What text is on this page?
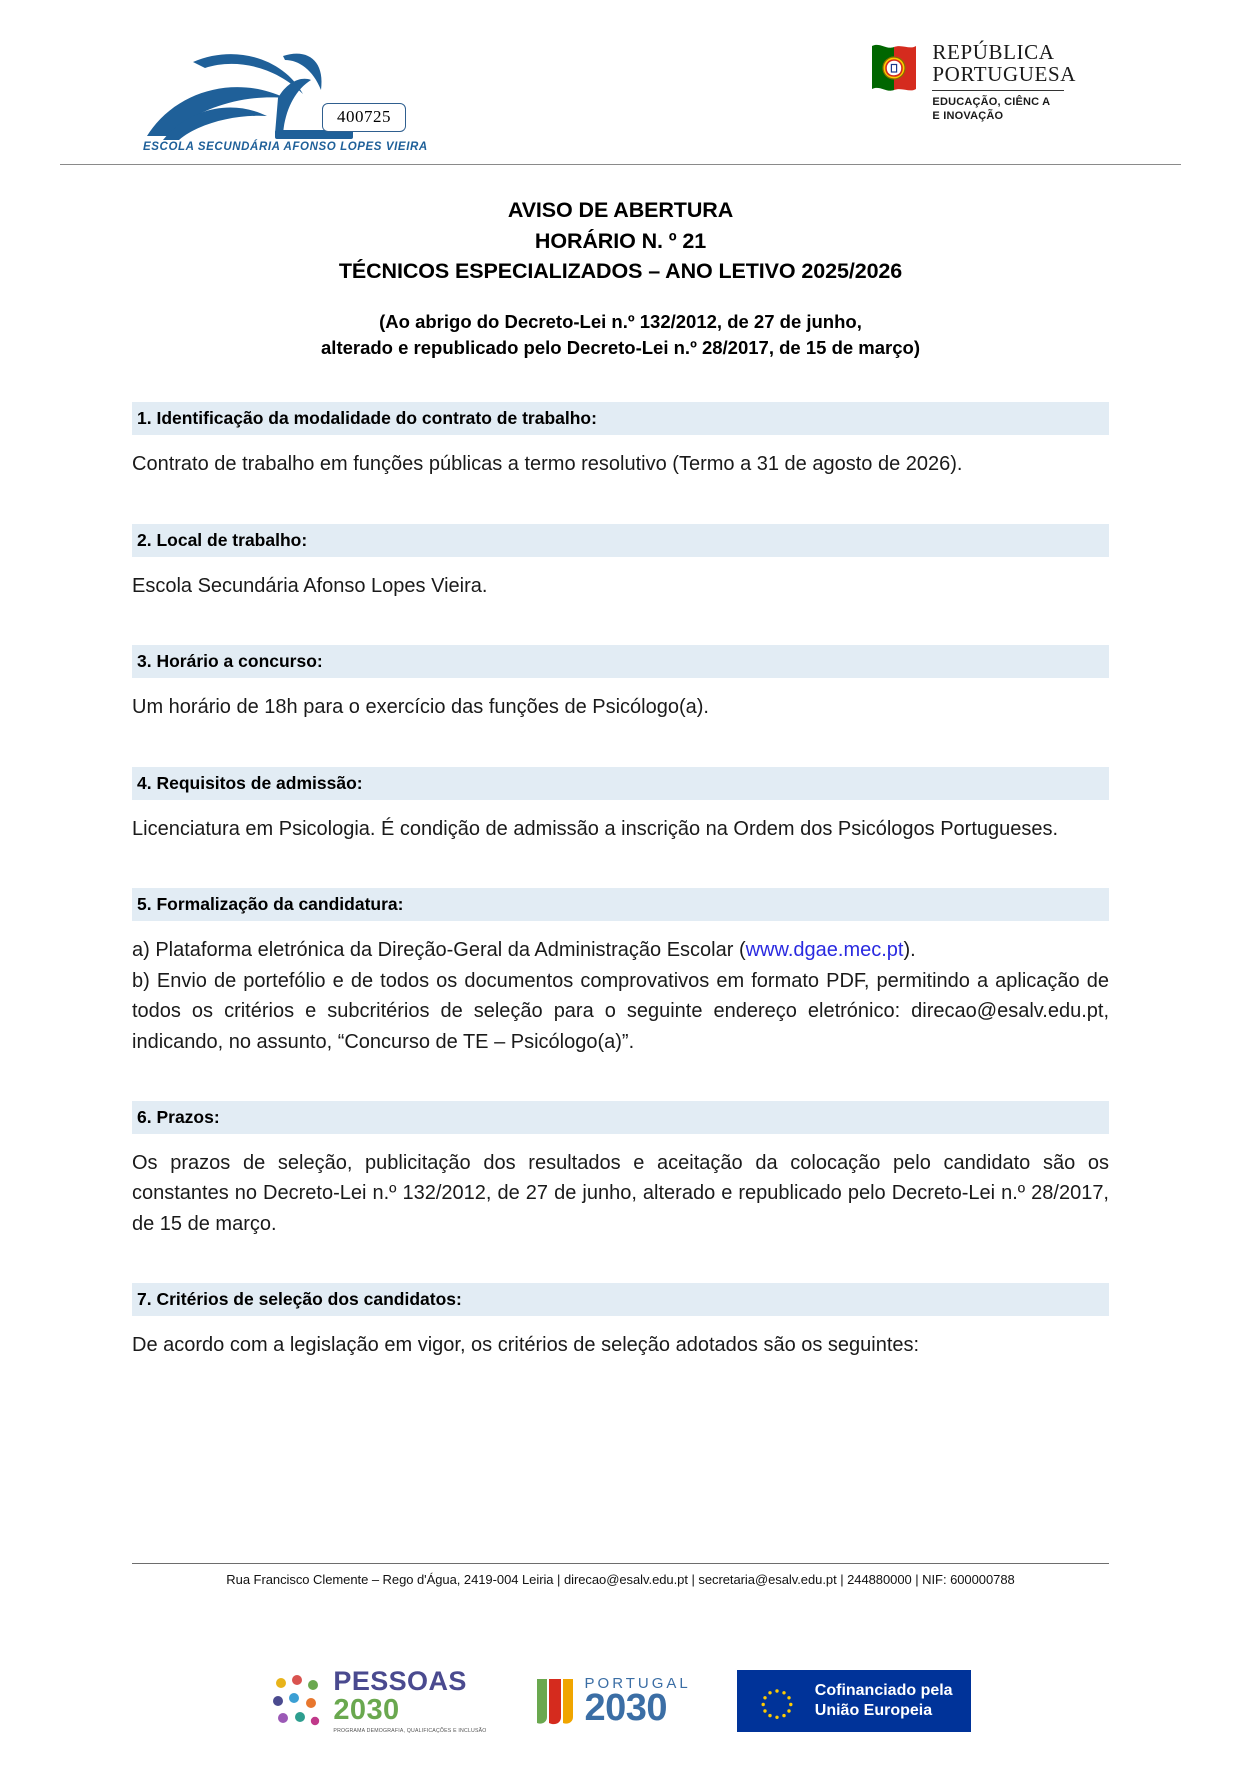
ESCOLA SECUNDÁRIA AFONSO LOPES VIEIRA
400725
REPÚBLICA
PORTUGUESA
EDUCAÇÃO, CIÊNC A
E INOVAÇÃO
AVISO DE ABERTURA
HORÁRIO N. º 21
TÉCNICOS ESPECIALIZADOS – ANO LETIVO 2025/2026
(Ao abrigo do Decreto-Lei n.º 132/2012, de 27 de junho,
alterado e republicado pelo Decreto-Lei n.º 28/2017, de 15 de março)
1. Identificação da modalidade do contrato de trabalho:

Contrato de trabalho em funções públicas a termo resolutivo (Termo a 31 de agosto de 2026).

2. Local de trabalho:

Escola Secundária Afonso Lopes Vieira.

3. Horário a concurso:

Um horário de 18h para o exercício das funções de Psicólogo(a).

4. Requisitos de admissão:

Licenciatura em Psicologia. É condição de admissão a inscrição na Ordem dos Psicólogos Portugueses.

5. Formalização da candidatura:

a) Plataforma eletrónica da Direção-Geral da Administração Escolar (www.dgae.mec.pt).

b) Envio de portefólio e de todos os documentos comprovativos em formato PDF, permitindo a aplicação de todos os critérios e subcritérios de seleção para o seguinte endereço eletrónico: direcao@esalv.edu.pt, indicando, no assunto, “Concurso de TE – Psicólogo(a)”.

6. Prazos:

Os prazos de seleção, publicitação dos resultados e aceitação da colocação pelo candidato são os constantes no Decreto-Lei n.º 132/2012, de 27 de junho, alterado e republicado pelo Decreto-Lei n.º 28/2017, de 15 de março.

7. Critérios de seleção dos candidatos:

De acordo com a legislação em vigor, os critérios de seleção adotados são os seguintes:

Rua Francisco Clemente – Rego d'Água, 2419-004 Leiria | direcao@esalv.edu.pt | secretaria@esalv.edu.pt | 244880000 | NIF: 600000788
PESSOAS
2030
PROGRAMA DEMOGRAFIA, QUALIFICAÇÕES E INCLUSÃO
PORTUGAL
2030	Cofinanciado pela
União Europeia
